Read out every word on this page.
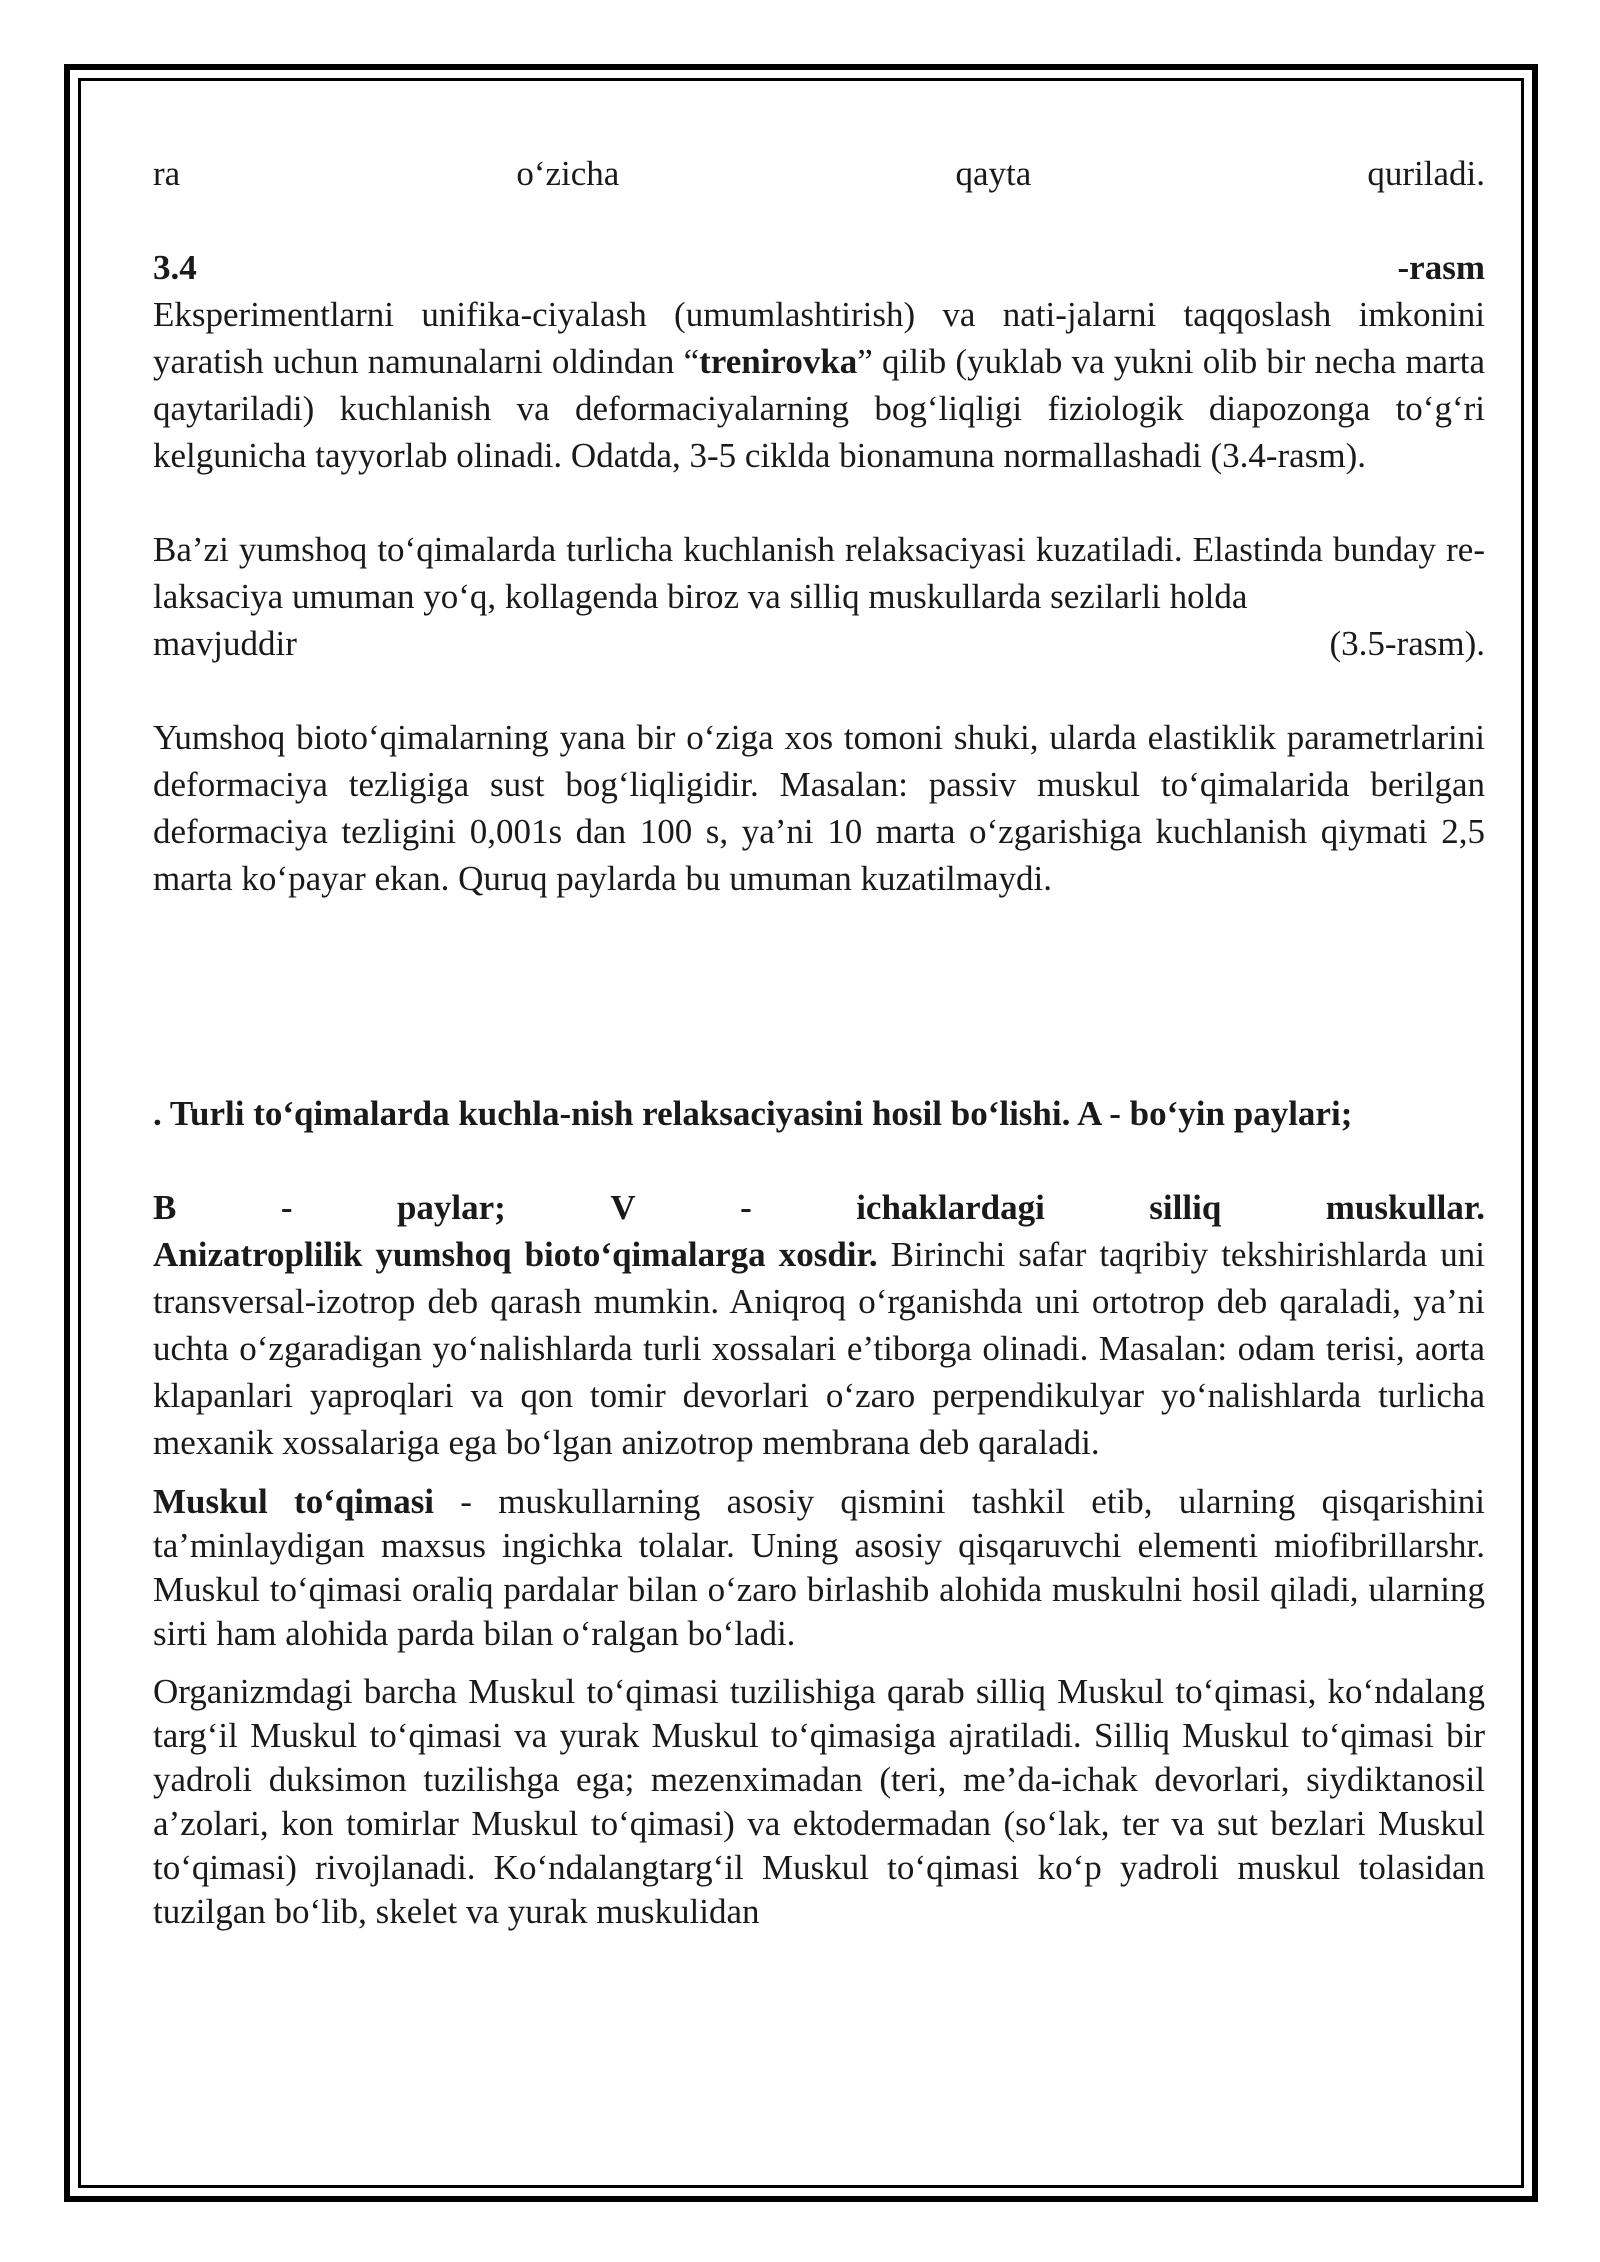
ra	o‘zicha	qayta	quriladi.
3.4	-rasm

Eksperimentlarni unifika-ciyalash (umumlashtirish) va nati-jalarni taqqoslash imkonini yaratish uchun namunalarni oldindan “trenirovka” qilib (yuklab va yukni olib bir necha marta qaytariladi) kuchlanish va deformaciyalarning bog‘liqligi fiziologik diapozonga to‘g‘ri kelgunicha tayyorlab olinadi. Odatda, 3-5 ciklda bionamuna normallashadi (3.4-rasm).

Ba’zi yumshoq to‘qimalarda turlicha kuchlanish relaksaciyasi kuzatiladi. Elastinda bunday re-laksaciya umuman yo‘q, kollagenda biroz va silliq muskullarda sezilarli holda

mavjuddir	(3.5-rasm).

Yumshoq bioto‘qimalarning yana bir o‘ziga xos tomoni shuki, ularda elastiklik parametrlarini deformaciya tezligiga sust bog‘liqligidir. Masalan: passiv muskul to‘qimalarida berilgan deformaciya tezligini 0,001s dan 100 s, ya’ni 10 marta o‘zgarishiga kuchlanish qiymati 2,5 marta ko‘payar ekan. Quruq paylarda bu umuman kuzatilmaydi.

. Turli to‘qimalarda kuchla-nish relaksaciyasini hosil bo‘lishi. A - bo‘yin paylari;

B	-	paylar;	V	-	ichaklardagi	silliq	muskullar.

Anizatroplilik yumshoq bioto‘qimalarga xosdir. Birinchi safar taqribiy tekshirishlarda uni transversal-izotrop deb qarash mumkin. Aniqroq o‘rganishda uni ortotrop deb qaraladi, ya’ni uchta o‘zgaradigan yo‘nalishlarda turli xossalari e’tiborga olinadi. Masalan: odam terisi, aorta klapanlari yaproqlari va qon tomir devorlari o‘zaro perpendikulyar yo‘nalishlarda turlicha mexanik xossalariga ega bo‘lgan anizotrop membrana deb qaraladi.

Muskul to‘qimasi - muskullarning asosiy qismini tashkil etib, ularning qisqarishini ta’minlaydigan maxsus ingichka tolalar. Uning asosiy qisqaruvchi elementi miofibrillarshr. Muskul to‘qimasi oraliq pardalar bilan o‘zaro birlashib alohida muskulni hosil qiladi, ularning sirti ham alohida parda bilan o‘ralgan bo‘ladi.

Organizmdagi barcha Muskul to‘qimasi tuzilishiga qarab silliq Muskul to‘qimasi, ko‘ndalang targ‘il Muskul to‘qimasi va yurak Muskul to‘qimasiga ajratiladi. Silliq Muskul to‘qimasi bir yadroli duksimon tuzilishga ega; mezenximadan (teri, me’da-ichak devorlari, siydiktanosil a’zolari, kon tomirlar Muskul to‘qimasi) va ektodermadan (so‘lak, ter va sut bezlari Muskul to‘qimasi) rivojlanadi. Ko‘ndalangtarg‘il Muskul to‘qimasi ko‘p yadroli muskul tolasidan tuzilgan bo‘lib, skelet va yurak muskulidan
